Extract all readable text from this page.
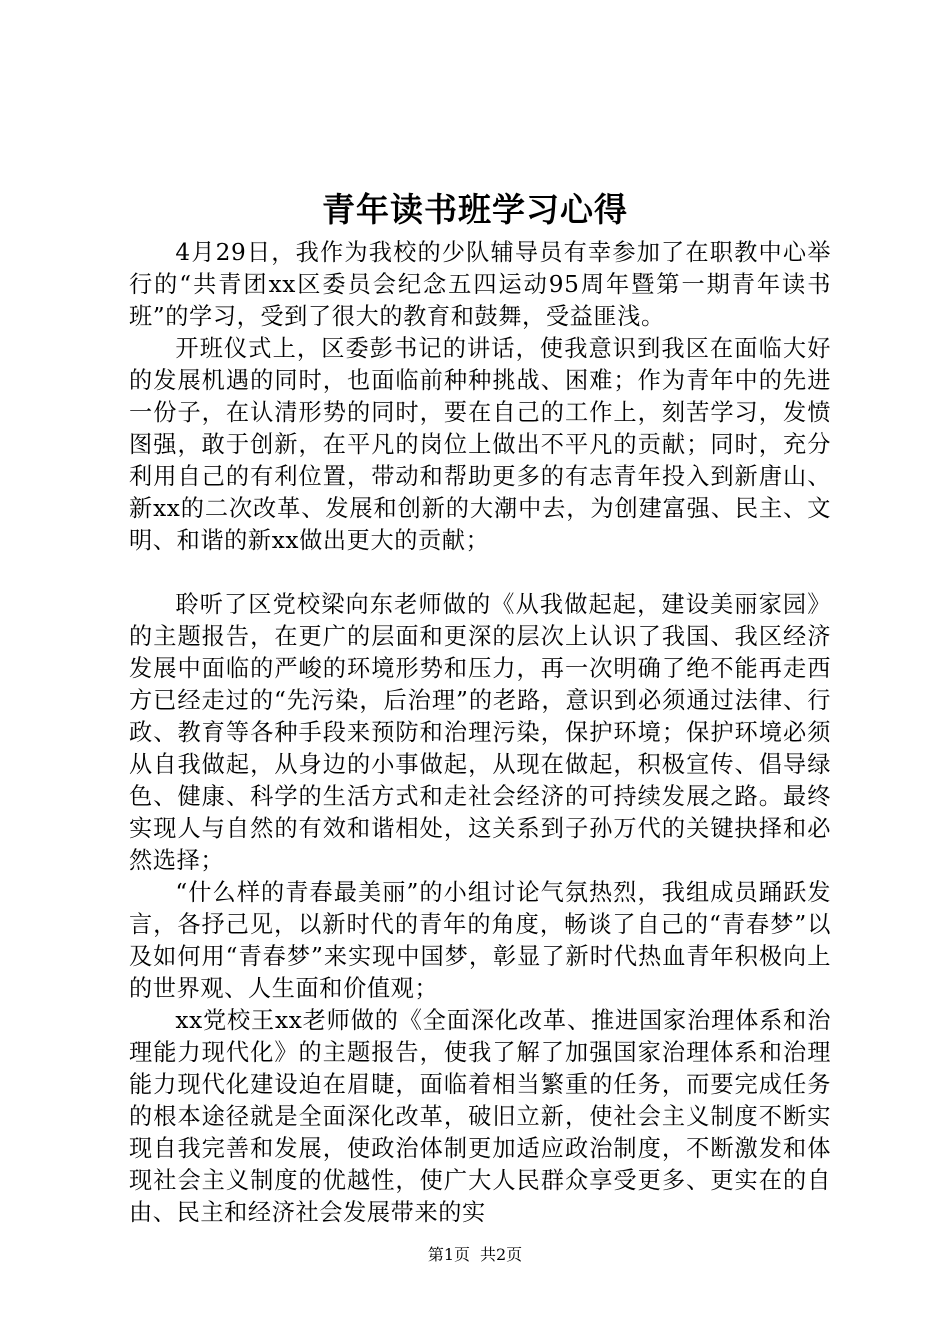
青年读书班学习心得

4月29日，我作为我校的少队辅导员有幸参加了在职教中心举行的“共青团xx区委员会纪念五四运动95周年暨第一期青年读书班”的学习，受到了很大的教育和鼓舞，受益匪浅。

开班仪式上，区委彭书记的讲话，使我意识到我区在面临大好的发展机遇的同时，也面临前种种挑战、困难；作为青年中的先进一份子，在认清形势的同时，要在自己的工作上，刻苦学习，发愤图强，敢于创新，在平凡的岗位上做出不平凡的贡献；同时，充分利用自己的有利位置，带动和帮助更多的有志青年投入到新唐山、新xx的二次改革、发展和创新的大潮中去，为创建富强、民主、文明、和谐的新xx做出更大的贡献；

聆听了区党校梁向东老师做的《从我做起起，建设美丽家园》的主题报告，在更广的层面和更深的层次上认识了我国、我区经济发展中面临的严峻的环境形势和压力，再一次明确了绝不能再走西方已经走过的“先污染，后治理”的老路，意识到必须通过法律、行政、教育等各种手段来预防和治理污染，保护环境；保护环境必须从自我做起，从身边的小事做起，从现在做起，积极宣传、倡导绿色、健康、科学的生活方式和走社会经济的可持续发展之路。最终实现人与自然的有效和谐相处，这关系到子孙万代的关键抉择和必然选择；

“什么样的青春最美丽”的小组讨论气氛热烈，我组成员踊跃发言，各抒己见，以新时代的青年的角度，畅谈了自己的“青春梦”以及如何用“青春梦”来实现中国梦，彰显了新时代热血青年积极向上的世界观、人生面和价值观；

xx党校王xx老师做的《全面深化改革、推进国家治理体系和治理能力现代化》的主题报告，使我了解了加强国家治理体系和治理能力现代化建设迫在眉睫，面临着相当繁重的任务，而要完成任务的根本途径就是全面深化改革，破旧立新，使社会主义制度不断实现自我完善和发展，使政治体制更加适应政治制度，不断激发和体现社会主义制度的优越性，使广大人民群众享受更多、更实在的自由、民主和经济社会发展带来的实

第1页 共2页
